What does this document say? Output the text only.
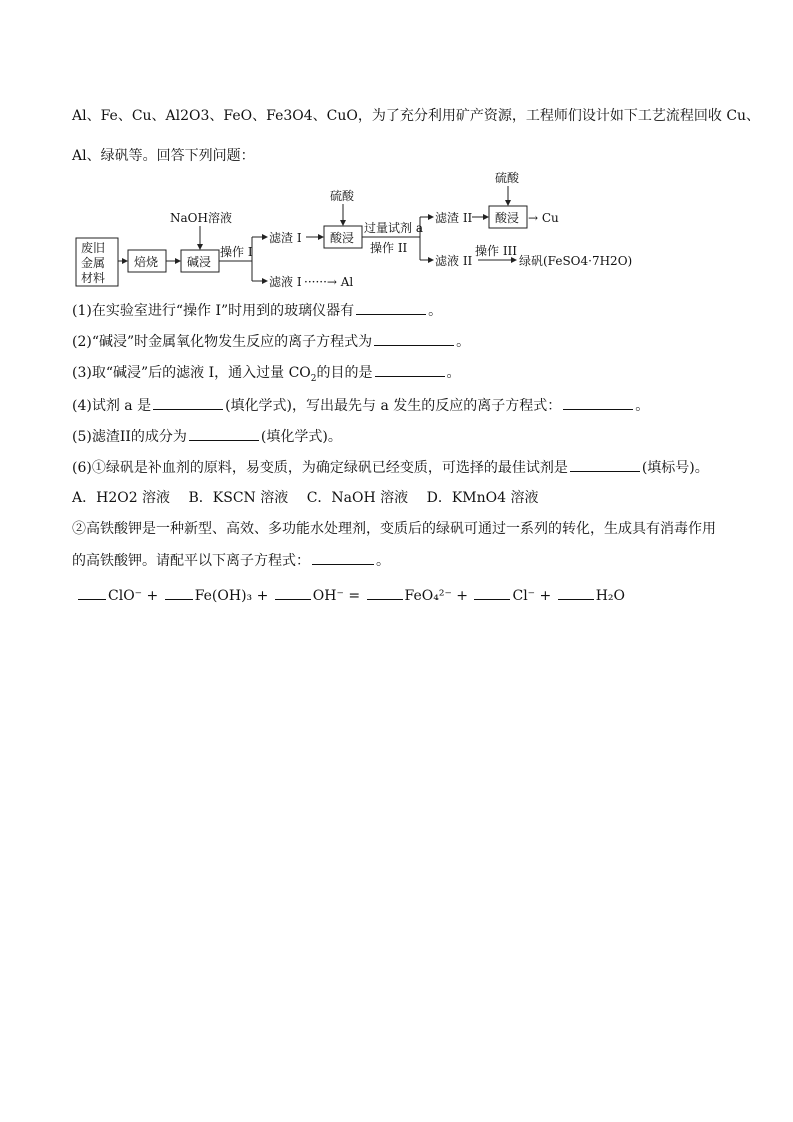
Al、Fe、Cu、Al2O3、FeO、Fe3O4、CuO，为了充分利用矿产资源，工程师们设计如下工艺流程回收 Cu、
Al、绿矾等。回答下列问题：
废旧
金属
材料
焙烧 碱浸
NaOH溶液
操作 I
滤渣 I
滤液 I ······→ Al
硫酸
酸浸
过量试剂 a
操作 II
滤渣 II
滤液 II
硫酸
酸浸 → Cu
操作 III
绿矾(FeSO4·7H2O)
(1)在实验室进行“操作 I”时用到的玻璃仪器有	。
(2)“碱浸”时金属氧化物发生反应的离子方程式为	。
(3)取“碱浸”后的滤液 I，通入过量 $CO_2$的目的是	。
(4)试剂 a 是	(填化学式)，写出最先与 a 发生的反应的离子方程式：	。
(5)滤渣II的成分为	(填化学式)。
(6)①绿矾是补血剂的原料，易变质，为确定绿矾已经变质，可选择的最佳试剂是	(填标号)。
A．H2O2 溶液　 B．KSCN 溶液　 C．NaOH 溶液　 D．KMnO4 溶液
②高铁酸钾是一种新型、高效、多功能水处理剂，变质后的绿矾可通过一系列的转化，生成具有消毒作用
的高铁酸钾。请配平以下离子方程式：	。
ClO⁻ +	Fe(OH)₃ +	OH⁻ =	FeO₄²⁻ +	Cl⁻ +	H₂O
